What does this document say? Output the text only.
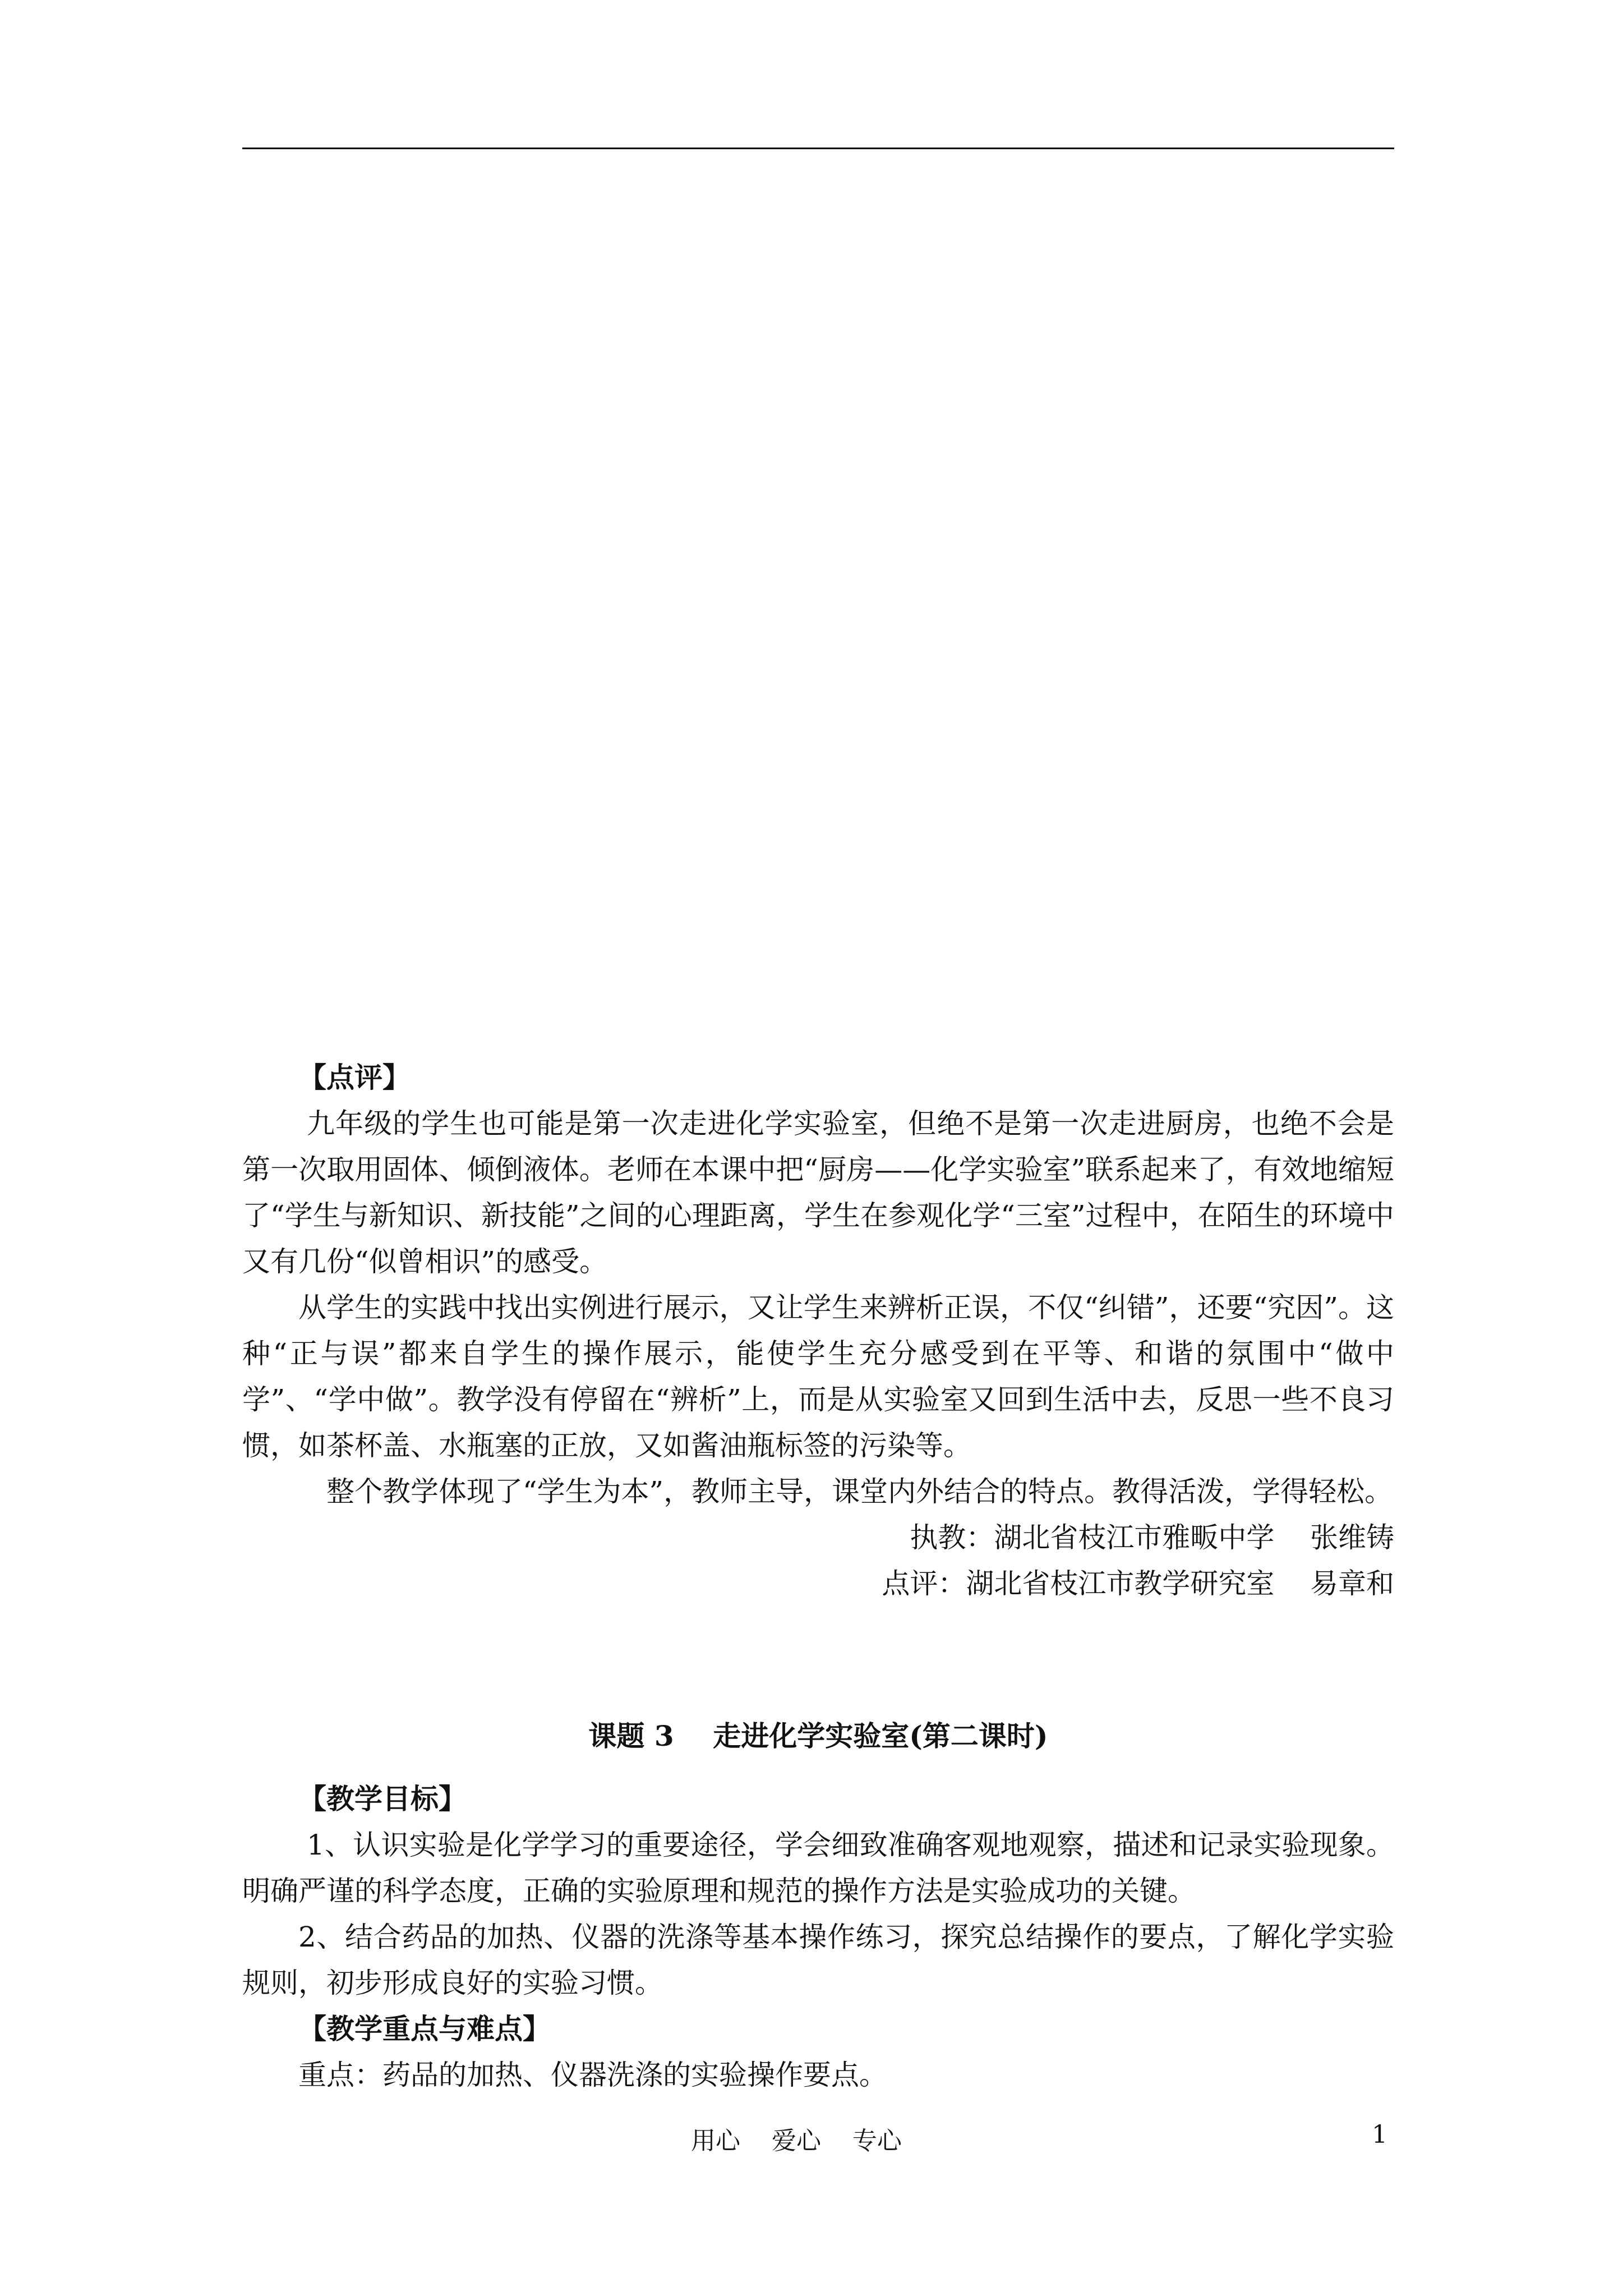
【点评】

九年级的学生也可能是第一次走进化学实验室，但绝不是第一次走进厨房，也绝不会是第一次取用固体、倾倒液体。老师在本课中把“厨房——化学实验室”联系起来了，有效地缩短了“学生与新知识、新技能”之间的心理距离，学生在参观化学“三室”过程中，在陌生的环境中又有几份“似曾相识”的感受。

从学生的实践中找出实例进行展示，又让学生来辨析正误，不仅“纠错”，还要“究因”。这种“正与误”都来自学生的操作展示，能使学生充分感受到在平等、和谐的氛围中“做中学”、“学中做”。教学没有停留在“辨析”上，而是从实验室又回到生活中去，反思一些不良习惯，如茶杯盖、水瓶塞的正放，又如酱油瓶标签的污染等。

整个教学体现了“学生为本”，教师主导，课堂内外结合的特点。教得活泼，学得轻松。

执教：湖北省枝江市雅畈中学    张维铸

点评：湖北省枝江市教学研究室    易章和

课题 3    走进化学实验室(第二课时)

【教学目标】

1、认识实验是化学学习的重要途径，学会细致准确客观地观察，描述和记录实验现象。明确严谨的科学态度，正确的实验原理和规范的操作方法是实验成功的关键。

2、结合药品的加热、仪器的洗涤等基本操作练习，探究总结操作的要点，了解化学实验规则，初步形成良好的实验习惯。

【教学重点与难点】

重点：药品的加热、仪器洗涤的实验操作要点。

用心    爱心    专心	1
